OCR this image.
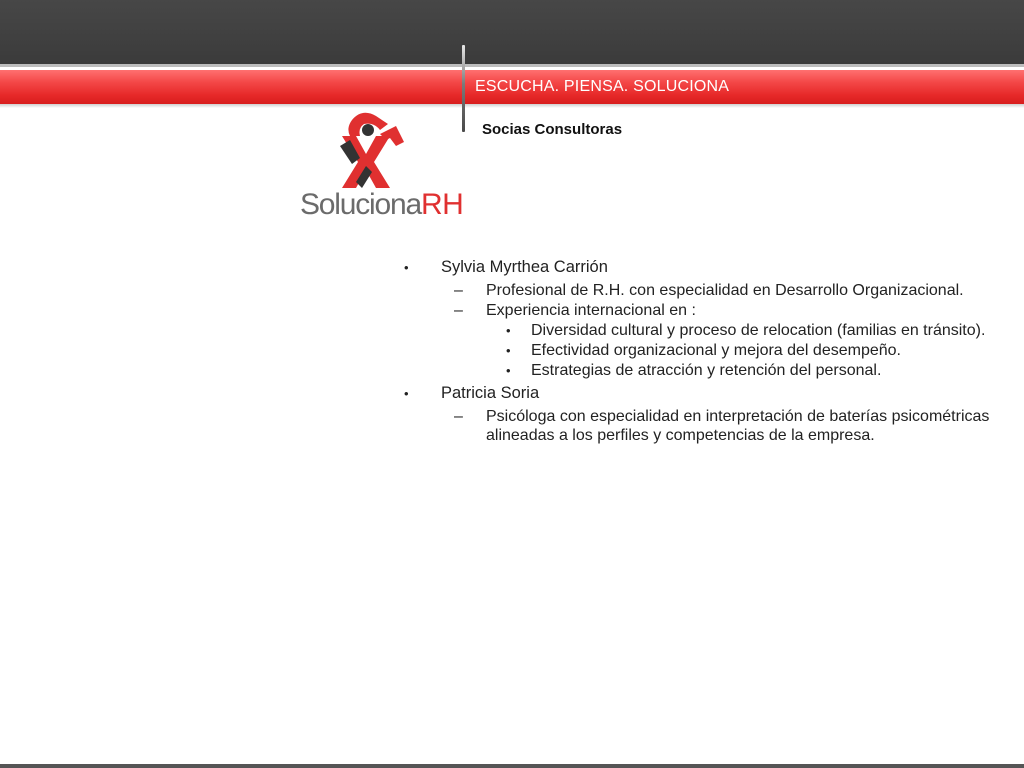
ESCUCHA. PIENSA. SOLUCIONA
Socias Consultoras
SolucionaRH
• Sylvia Myrthea Carrión
– Profesional de R.H. con especialidad en Desarrollo Organizacional.
– Experiencia internacional en :
• Diversidad cultural y proceso de relocation (familias en tránsito).
• Efectividad organizacional y mejora del desempeño.
• Estrategias de atracción y retención del personal.
• Patricia Soria
– Psicóloga con especialidad en interpretación de baterías psicométricas alineadas a los perfiles y competencias de la empresa.
